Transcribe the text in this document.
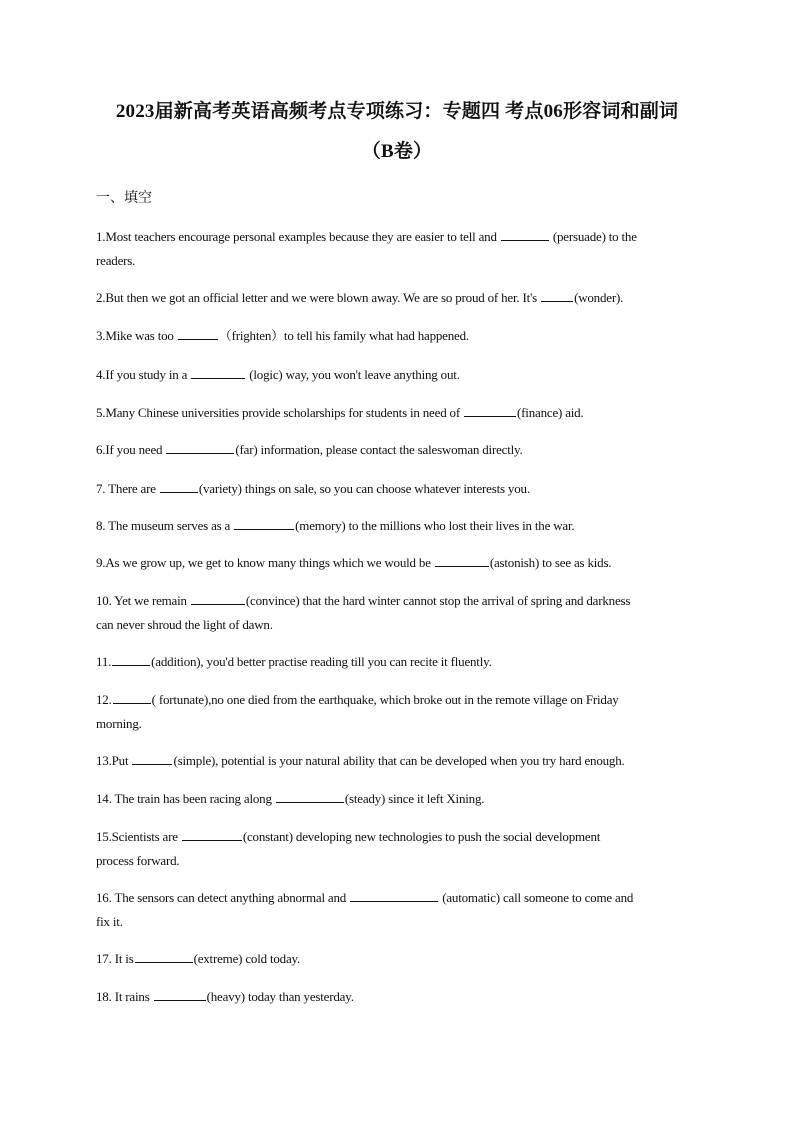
2023届新高考英语高频考点专项练习：专题四 考点06形容词和副词
（B卷）
一、填空
1.Most teachers encourage personal examples because they are easier to tell and	(persuade) to the
readers.
2.But then we got an official letter and we were blown away. We are so proud of her. It's	(wonder).
3.Mike was too	（frighten）to tell his family what had happened.
4.If you study in a	(logic) way, you won't leave anything out.
5.Many Chinese universities provide scholarships for students in need of	(finance) aid.
6.If you need	(far) information, please contact the saleswoman directly.
7. There are	(variety) things on sale, so you can choose whatever interests you.
8. The museum serves as a	(memory) to the millions who lost their lives in the war.
9.As we grow up, we get to know many things which we would be	(astonish) to see as kids.
10. Yet we remain	(convince) that the hard winter cannot stop the arrival of spring and darkness
can never shroud the light of dawn.
11.	(addition), you'd better practise reading till you can recite it fluently.
12.	( fortunate),no one died from the earthquake, which broke out in the remote village on Friday
morning.
13.Put	(simple), potential is your natural ability that can be developed when you try hard enough.
14. The train has been racing along	(steady) since it left Xining.
15.Scientists are	(constant) developing new technologies to push the social development
process forward.
16. The sensors can detect anything abnormal and	(automatic) call someone to come and
fix it.
17. It is	(extreme) cold today.
18. It rains	(heavy) today than yesterday.
